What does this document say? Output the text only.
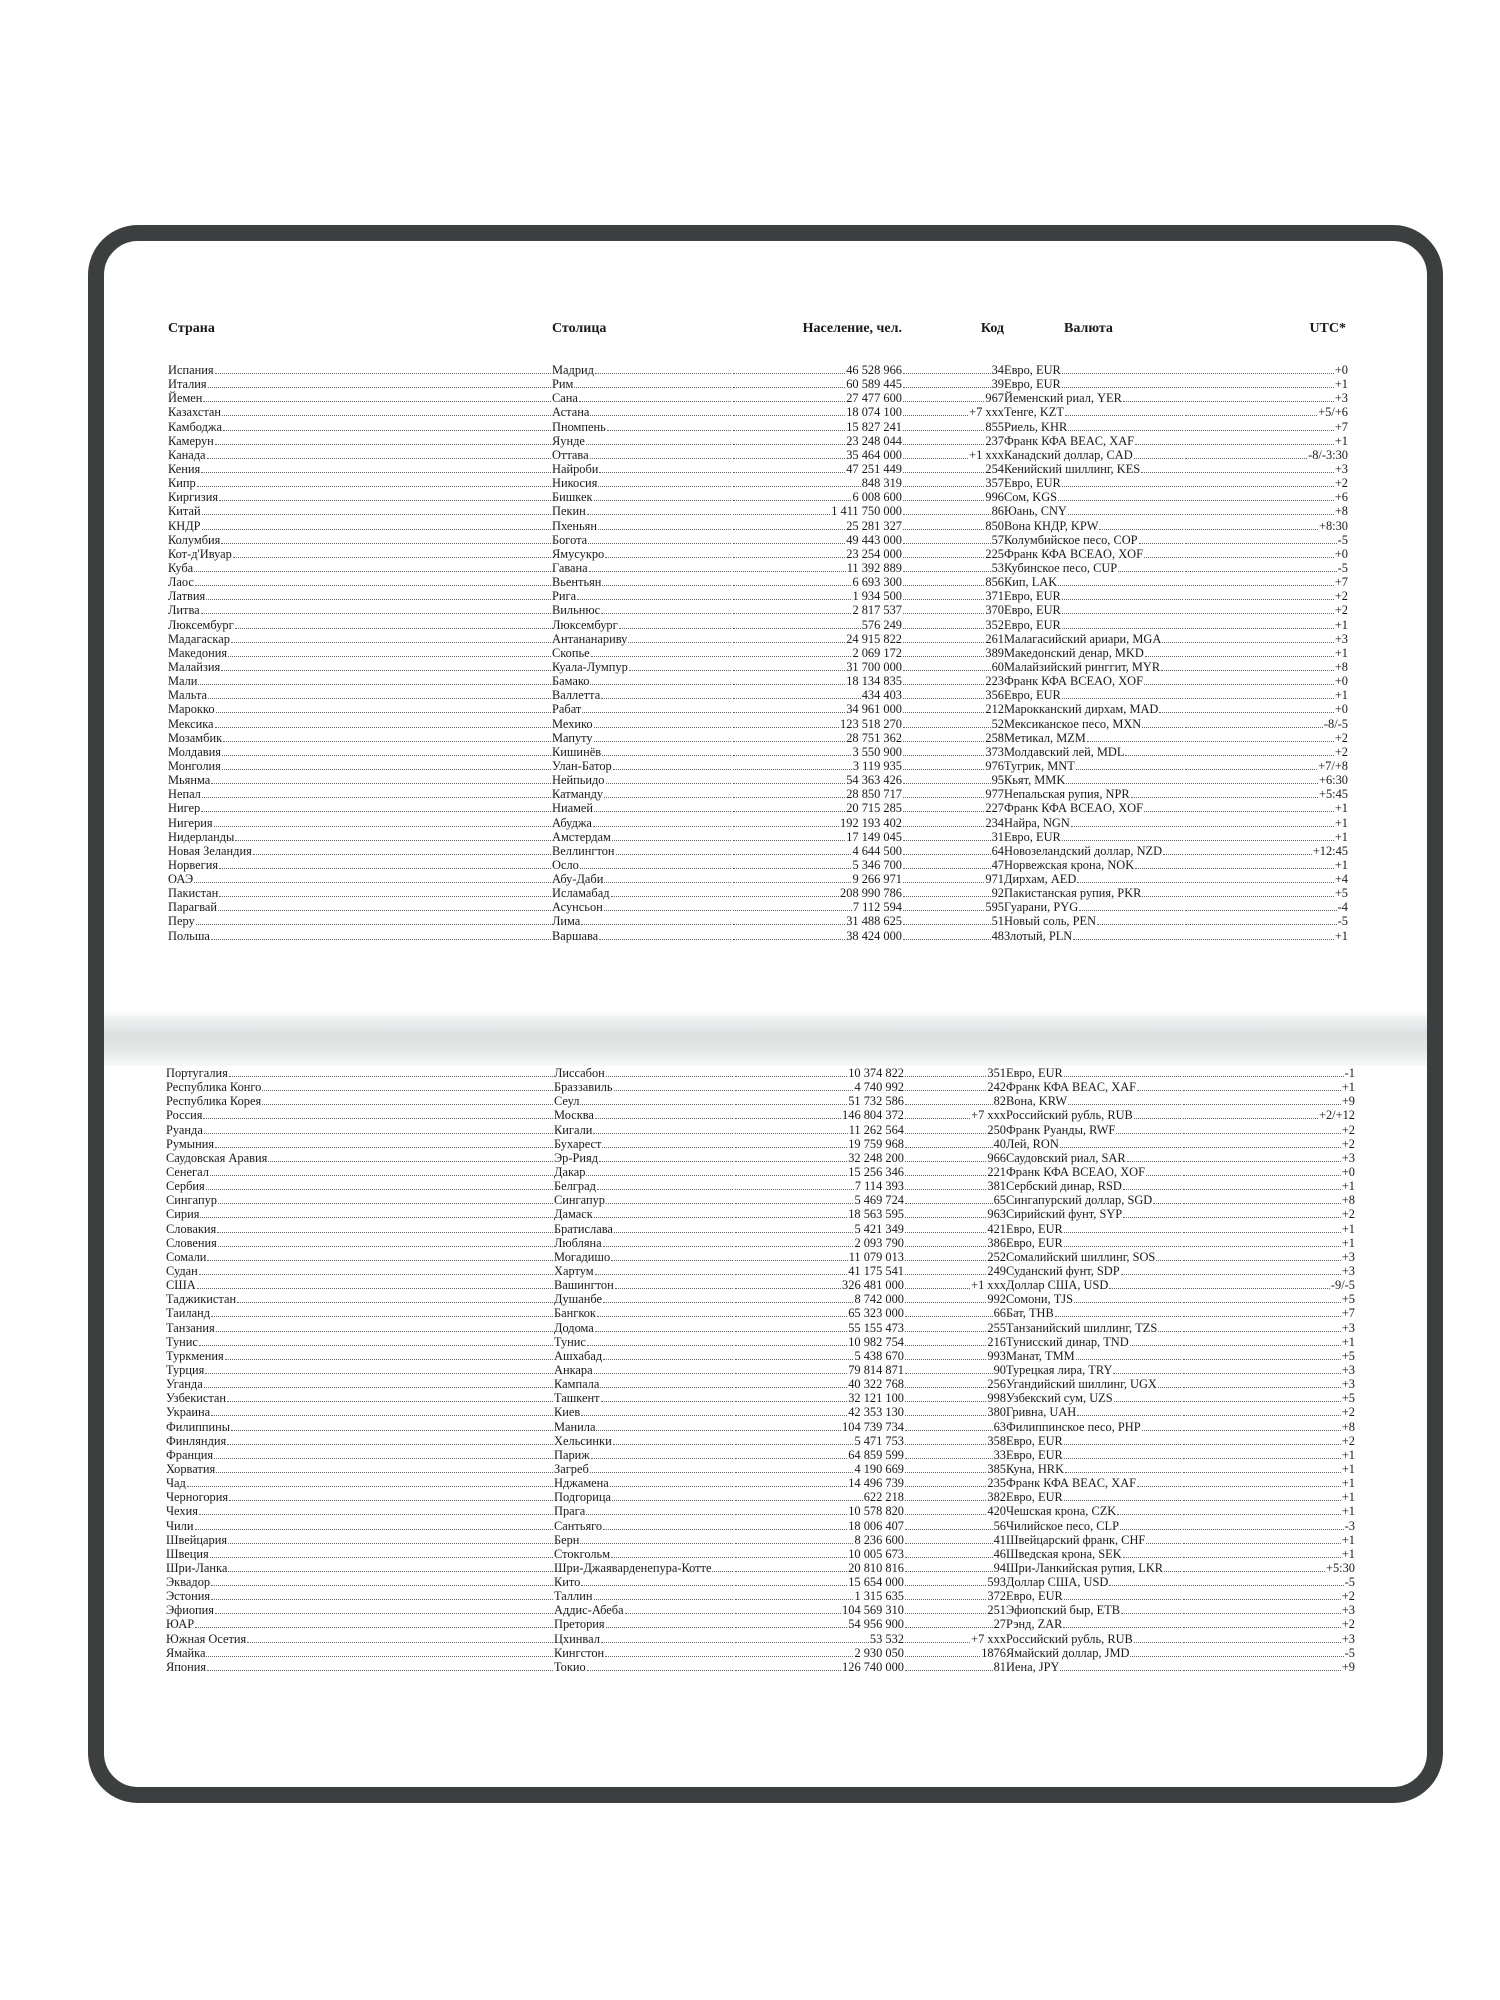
Страна	Столица	Население, чел.	Код	Валюта	UTC*
Испания	Мадрид	46 528 966	34 Евро, EUR	+0
Италия	Рим	60 589 445	39 Евро, EUR	+1
Йемен	Сана	27 477 600	967 Йеменский риал, YER	+3
Казахстан	Астана	18 074 100	+7 xxx Тенге, KZT	+5/+6
Камбоджа	Пномпень	15 827 241	855 Риель, KHR	+7
Камерун	Яунде	23 248 044	237 Франк КФА BEAC, XAF	+1
Канада	Оттава	35 464 000	+1 xxx Канадский доллар, CAD	-8/-3:30
Кения	Найроби	47 251 449	254 Кенийский шиллинг, KES	+3
Кипр	Никосия	848 319	357 Евро, EUR	+2
Киргизия	Бишкек	6 008 600	996 Сом, KGS	+6
Китай	Пекин	1 411 750 000	86 Юань, CNY	+8
КНДР	Пхеньян	25 281 327	850 Вона КНДР, KPW	+8:30
Колумбия	Богота	49 443 000	57 Колумбийское песо, COP	-5
Кот-д'Ивуар	Ямусукро	23 254 000	225 Франк КФА BCEAO, XOF	+0
Куба	Гавана	11 392 889	53 Кубинское песо, CUP	-5
Лаос	Вьентьян	6 693 300	856 Кип, LAK	+7
Латвия	Рига	1 934 500	371 Евро, EUR	+2
Литва	Вильнюс	2 817 537	370 Евро, EUR	+2
Люксембург	Люксембург	576 249	352 Евро, EUR	+1
Мадагаскар	Антананариву	24 915 822	261 Малагасийский ариари, MGA	+3
Македония	Скопье	2 069 172	389 Македонский денар, MKD	+1
Малайзия	Куала-Лумпур	31 700 000	60 Малайзийский ринггит, MYR	+8
Мали	Бамако	18 134 835	223 Франк КФА BCEAO, XOF	+0
Мальта	Валлетта	434 403	356 Евро, EUR	+1
Марокко	Рабат	34 961 000	212 Марокканский дирхам, MAD	+0
Мексика	Мехико	123 518 270	52 Мексиканское песо, MXN	-8/-5
Мозамбик	Мапуту	28 751 362	258 Метикал, MZM	+2
Молдавия	Кишинёв	3 550 900	373 Молдавский лей, MDL	+2
Монголия	Улан-Батор	3 119 935	976 Тугрик, MNT	+7/+8
Мьянма	Нейпьидо	54 363 426	95 Кьят, MMK	+6:30
Непал	Катманду	28 850 717	977 Непальская рупия, NPR	+5:45
Нигер	Ниамей	20 715 285	227 Франк КФА BCEAO, XOF	+1
Нигерия	Абуджа	192 193 402	234 Найра, NGN	+1
Нидерланды	Амстердам	17 149 045	31 Евро, EUR	+1
Новая Зеландия	Веллингтон	4 644 500	64 Новозеландский доллар, NZD	+12:45
Норвегия	Осло	5 346 700	47 Норвежская крона, NOK	+1
ОАЭ	Абу-Даби	9 266 971	971 Дирхам, AED	+4
Пакистан	Исламабад	208 990 786	92 Пакистанская рупия, PKR	+5
Парагвай	Асунсьон	7 112 594	595 Гуарани, PYG	-4
Перу	Лима	31 488 625	51 Новый соль, PEN	-5
Польша	Варшава	38 424 000	48 Злотый, PLN	+1
Португалия	Лиссабон	10 374 822	351 Евро, EUR	-1
Республика Конго	Браззавиль	4 740 992	242 Франк КФА BEAC, XAF	+1
Республика Корея	Сеул	51 732 586	82 Вона, KRW	+9
Россия	Москва	146 804 372	+7 xxx Российский рубль, RUB	+2/+12
Руанда	Кигали	11 262 564	250 Франк Руанды, RWF	+2
Румыния	Бухарест	19 759 968	40 Лей, RON	+2
Саудовская Аравия	Эр-Рияд	32 248 200	966 Саудовский риал, SAR	+3
Сенегал	Дакар	15 256 346	221 Франк КФА BCEAO, XOF	+0
Сербия	Белград	7 114 393	381 Сербский динар, RSD	+1
Сингапур	Сингапур	5 469 724	65 Сингапурский доллар, SGD	+8
Сирия	Дамаск	18 563 595	963 Сирийский фунт, SYP	+2
Словакия	Братислава	5 421 349	421 Евро, EUR	+1
Словения	Любляна	2 093 790	386 Евро, EUR	+1
Сомали	Могадишо	11 079 013	252 Сомалийский шиллинг, SOS	+3
Судан	Хартум	41 175 541	249 Суданский фунт, SDP	+3
США	Вашингтон	326 481 000	+1 xxx Доллар США, USD	-9/-5
Таджикистан	Душанбе	8 742 000	992 Сомони, TJS	+5
Таиланд	Бангкок	65 323 000	66 Бат, THB	+7
Танзания	Додома	55 155 473	255 Танзанийский шиллинг, TZS	+3
Тунис	Тунис	10 982 754	216 Тунисский динар, TND	+1
Туркмения	Ашхабад	5 438 670	993 Манат, TMM	+5
Турция	Анкара	79 814 871	90 Турецкая лира, TRY	+3
Уганда	Кампала	40 322 768	256 Угандийский шиллинг, UGX	+3
Узбекистан	Ташкент	32 121 100	998 Узбекский сум, UZS	+5
Украина	Киев	42 353 130	380 Гривна, UAH	+2
Филиппины	Манила	104 739 734	63 Филиппинское песо, PHP	+8
Финляндия	Хельсинки	5 471 753	358 Евро, EUR	+2
Франция	Париж	64 859 599	33 Евро, EUR	+1
Хорватия	Загреб	4 190 669	385 Куна, HRK	+1
Чад	Нджамена	14 496 739	235 Франк КФА BEAC, XAF	+1
Черногория	Подгорица	622 218	382 Евро, EUR	+1
Чехия	Прага	10 578 820	420 Чешская крона, CZK	+1
Чили	Сантьяго	18 006 407	56 Чилийское песо, CLP	-3
Швейцария	Берн	8 236 600	41 Швейцарский франк, CHF	+1
Швеция	Стокгольм	10 005 673	46 Шведская крона, SEK	+1
Шри-Ланка	Шри-Джаяварденепура-Котте	20 810 816	94 Шри-Ланкийская рупия, LKR	+5:30
Эквадор	Кито	15 654 000	593 Доллар США, USD	-5
Эстония	Таллин	1 315 635	372 Евро, EUR	+2
Эфиопия	Аддис-Абеба	104 569 310	251 Эфиопский быр, ETB	+3
ЮАР	Претория	54 956 900	27 Рэнд, ZAR	+2
Южная Осетия	Цхинвал	53 532	+7 xxx Российский рубль, RUB	+3
Ямайка	Кингстон	2 930 050	1876 Ямайский доллар, JMD	-5
Япония	Токио	126 740 000	81 Иена, JPY	+9
